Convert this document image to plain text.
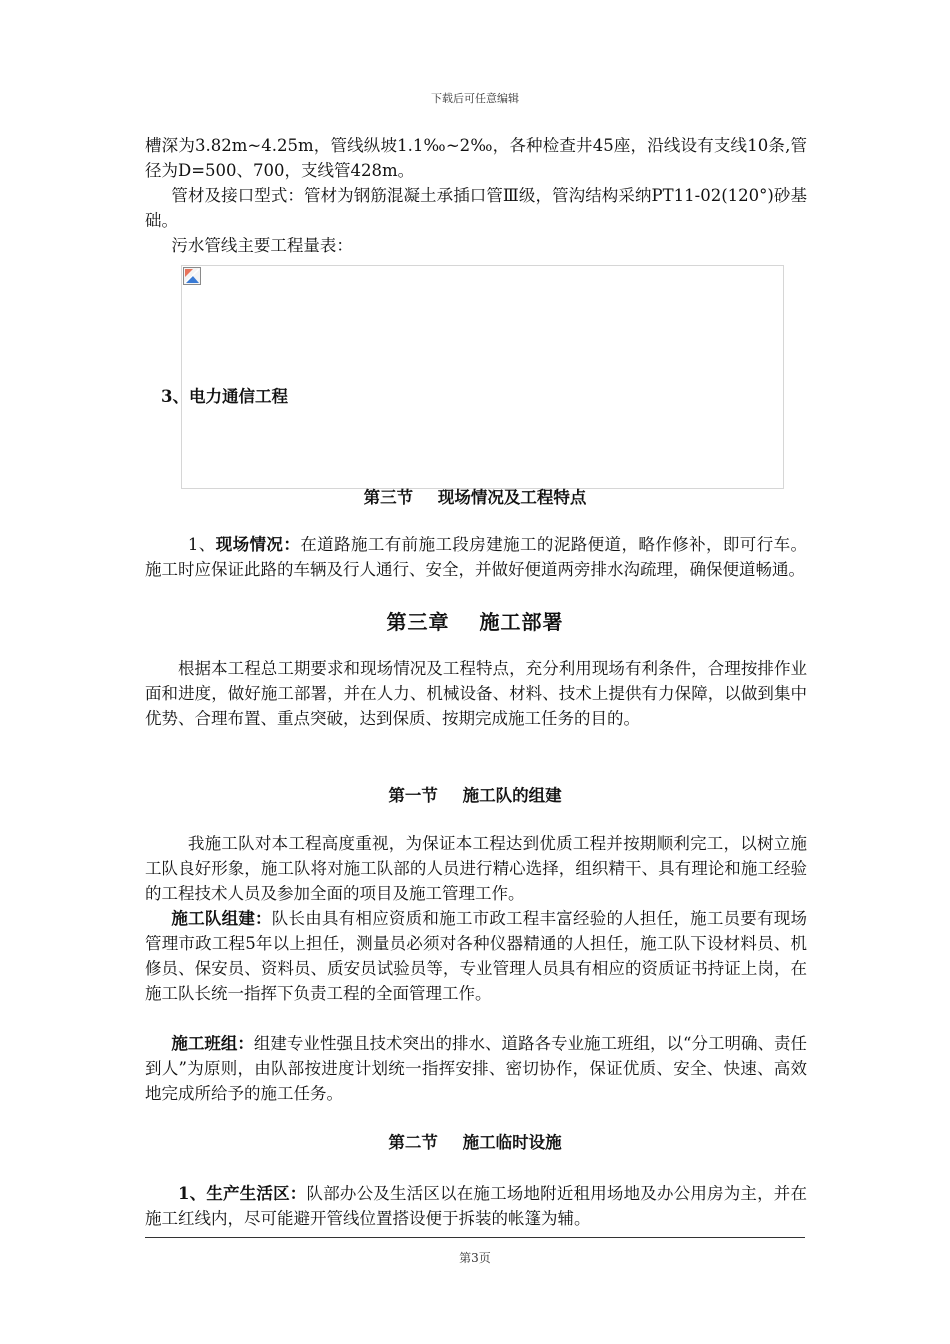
下载后可任意编辑

槽深为3.82m~4.25m，管线纵坡1.1‰~2‰，各种检查井45座，沿线设有支线10条,管径为D=500、700，支线管428m。

管材及接口型式：管材为钢筋混凝土承插口管Ⅲ级，管沟结构采纳PT11-02(120°)砂基础。

污水管线主要工程量表：

3、电力通信工程
第三节 现场情况及工程特点

1、现场情况：在道路施工有前施工段房建施工的泥路便道，略作修补，即可行车。施工时应保证此路的车辆及行人通行、安全，并做好便道两旁排水沟疏理，确保便道畅通。

第三章 施工部署

根据本工程总工期要求和现场情况及工程特点，充分利用现场有利条件，合理按排作业面和进度，做好施工部署，并在人力、机械设备、材料、技术上提供有力保障，以做到集中优势、合理布置、重点突破，达到保质、按期完成施工任务的目的。

第一节 施工队的组建

我施工队对本工程高度重视，为保证本工程达到优质工程并按期顺利完工，以树立施工队良好形象，施工队将对施工队部的人员进行精心选择，组织精干、具有理论和施工经验的工程技术人员及参加全面的项目及施工管理工作。

施工队组建：队长由具有相应资质和施工市政工程丰富经验的人担任，施工员要有现场管理市政工程5年以上担任，测量员必须对各种仪器精通的人担任，施工队下设材料员、机修员、保安员、资料员、质安员试验员等，专业管理人员具有相应的资质证书持证上岗，在施工队长统一指挥下负责工程的全面管理工作。

施工班组：组建专业性强且技术突出的排水、道路各专业施工班组，以“分工明确、责任到人”为原则，由队部按进度计划统一指挥安排、密切协作，保证优质、安全、快速、高效地完成所给予的施工任务。

第二节 施工临时设施

1、生产生活区：队部办公及生活区以在施工场地附近租用场地及办公用房为主，并在施工红线内，尽可能避开管线位置搭设便于拆装的帐篷为辅。

第3页
